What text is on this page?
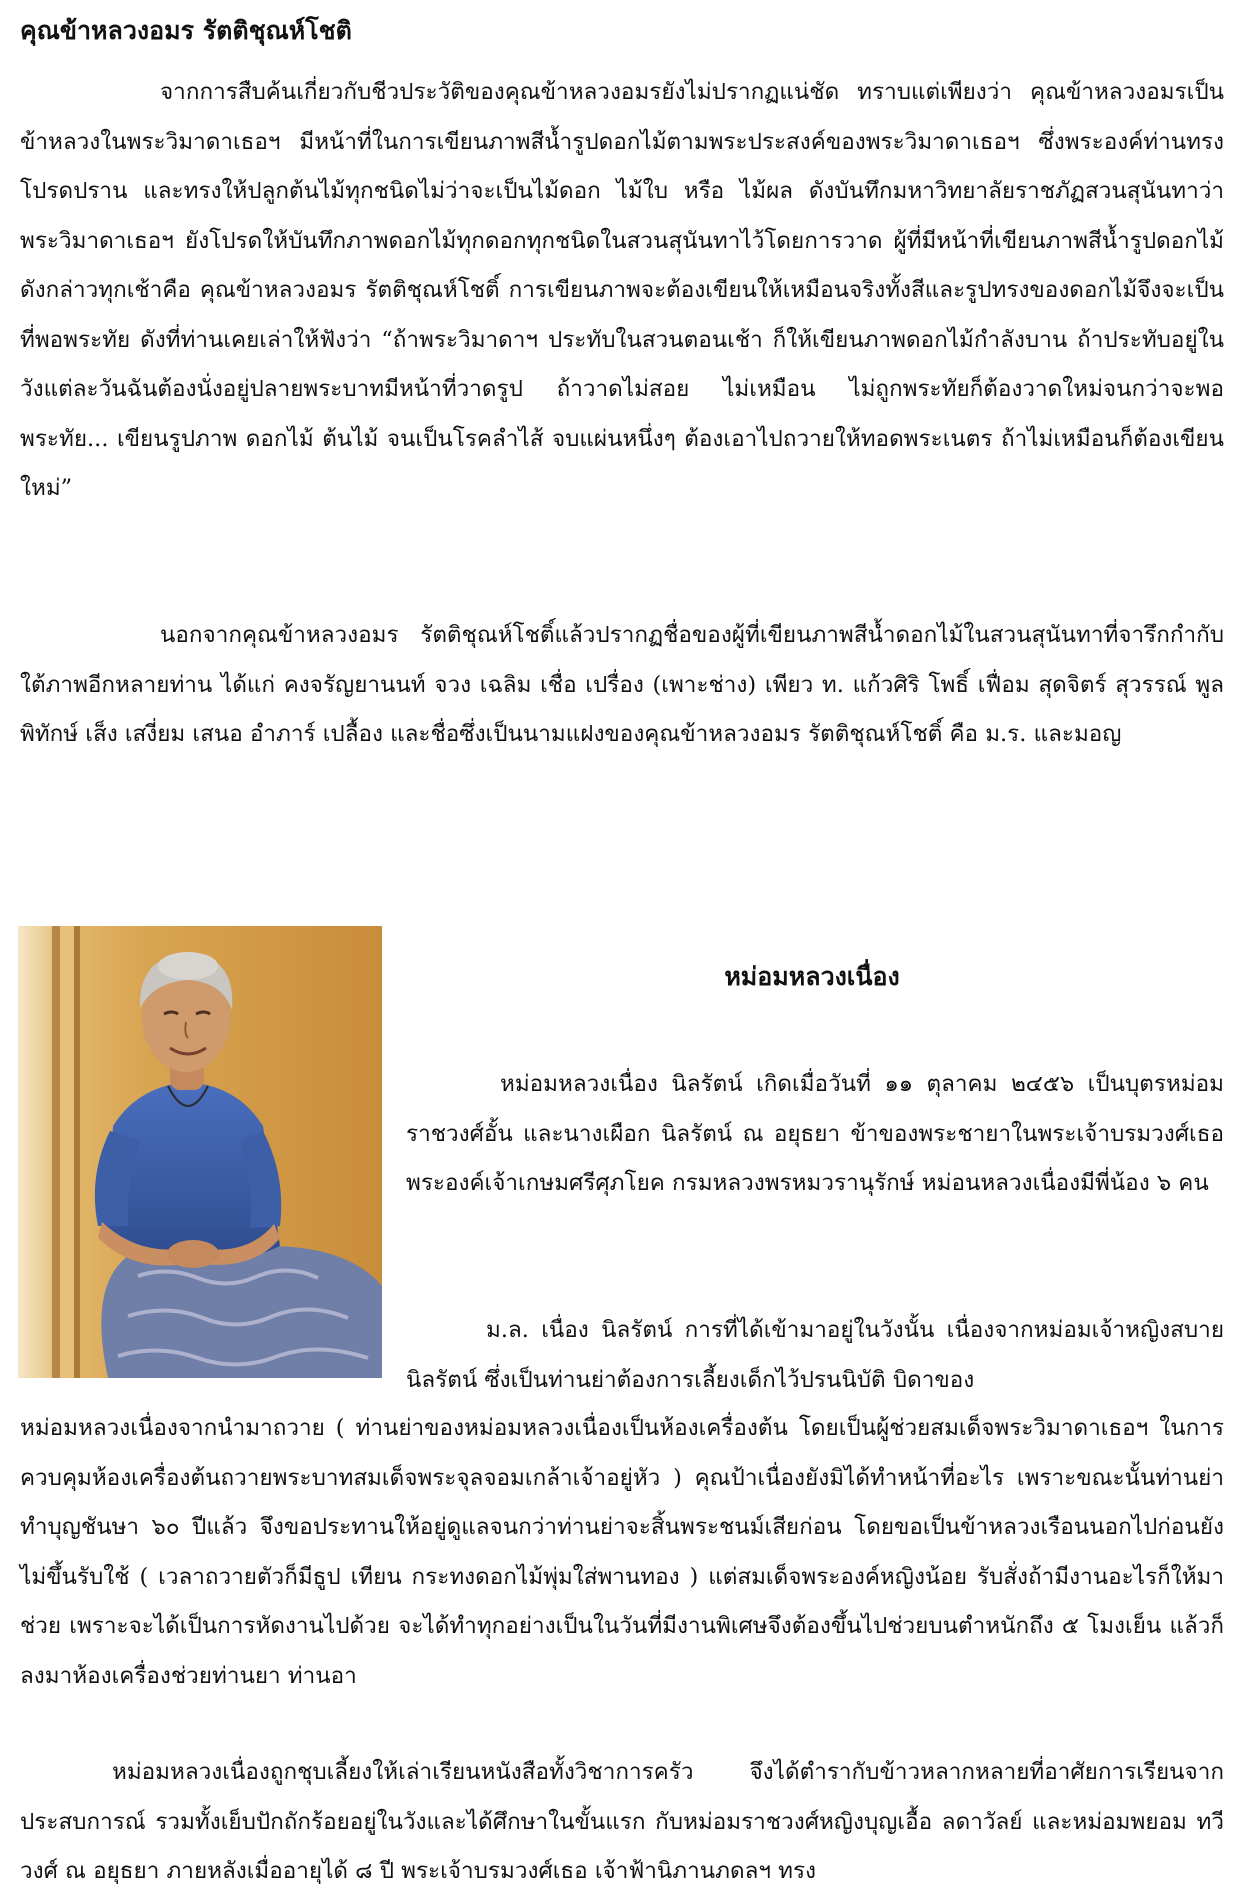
คุณข้าหลวงอมร รัตติชุณห์โชติ

จากการสืบค้นเกี่ยวกับชีวประวัติของคุณข้าหลวงอมรยังไม่ปรากฏแน่ชัด ทราบแต่เพียงว่า คุณข้าหลวงอมรเป็นข้าหลวงในพระวิมาดาเธอฯ มีหน้าที่ในการเขียนภาพสีน้ำรูปดอกไม้ตามพระประสงค์ของพระวิมาดาเธอฯ ซึ่งพระองค์ท่านทรงโปรดปราน และทรงให้ปลูกต้นไม้ทุกชนิดไม่ว่าจะเป็นไม้ดอก ไม้ใบ หรือ ไม้ผล ดังบันทึกมหาวิทยาลัยราชภัฏสวนสุนันทาว่า พระวิมาดาเธอฯ ยังโปรดให้บันทึกภาพดอกไม้ทุกดอกทุกชนิดในสวนสุนันทาไว้โดยการวาด ผู้ที่มีหน้าที่เขียนภาพสีน้ำรูปดอกไม้ดังกล่าวทุกเช้าคือ คุณข้าหลวงอมร รัตติชุณห์โชติ์ การเขียนภาพจะต้องเขียนให้เหมือนจริงทั้งสีและรูปทรงของดอกไม้จึงจะเป็นที่พอพระทัย ดังที่ท่านเคยเล่าให้ฟังว่า “ถ้าพระวิมาดาฯ ประทับในสวนตอนเช้า ก็ให้เขียนภาพดอกไม้กำลังบาน ถ้าประทับอยู่ในวังแต่ละวันฉันต้องนั่งอยู่ปลายพระบาทมีหน้าที่วาดรูป ถ้าวาดไม่สอย ไม่เหมือน ไม่ถูกพระทัยก็ต้องวาดใหม่จนกว่าจะพอพระทัย... เขียนรูปภาพ ดอกไม้ ต้นไม้ จนเป็นโรคลำไส้ จบแผ่นหนึ่งๆ ต้องเอาไปถวายให้ทอดพระเนตร ถ้าไม่เหมือนก็ต้องเขียนใหม่”

นอกจากคุณข้าหลวงอมร รัตติชุณห์โชติ์แล้วปรากฏชื่อของผู้ที่เขียนภาพสีน้ำดอกไม้ในสวนสุนันทาที่จารึกกำกับใต้ภาพอีกหลายท่าน ได้แก่ คงจรัญยานนท์ จวง เฉลิม เชื่อ เปรื่อง (เพาะช่าง) เพียว ท. แก้วศิริ โพธิ์ เฟื่อม สุดจิตร์ สุวรรณ์ พูลพิทักษ์ เส็ง เสงี่ยม เสนอ อำภาร์ เปลื้อง และชื่อซึ่งเป็นนามแฝงของคุณข้าหลวงอมร รัตติชุณห์โชติ์ คือ ม.ร. และมอญ

หม่อมหลวงเนื่อง

หม่อมหลวงเนื่อง นิลรัตน์ เกิดเมื่อวันที่ ๑๑ ตุลาคม ๒๔๕๖ เป็นบุตรหม่อมราชวงศ์อั้น และนางเผือก นิลรัตน์ ณ อยุธยา ข้าของพระชายาในพระเจ้าบรมวงศ์เธอพระองค์เจ้าเกษมศรีศุภโยค กรมหลวงพรหมวรานุรักษ์ หม่อนหลวงเนื่องมีพี่น้อง ๖ คน

ม.ล. เนื่อง นิลรัตน์ การที่ได้เข้ามาอยู่ในวังนั้น เนื่องจากหม่อมเจ้าหญิงสบาย นิลรัตน์ ซึ่งเป็นท่านย่าต้องการเลี้ยงเด็กไว้ปรนนิบัติ บิดาของ

หม่อมหลวงเนื่องจากนำมาถวาย ( ท่านย่าของหม่อมหลวงเนื่องเป็นห้องเครื่องต้น โดยเป็นผู้ช่วยสมเด็จพระวิมาดาเธอฯ ในการควบคุมห้องเครื่องต้นถวายพระบาทสมเด็จพระจุลจอมเกล้าเจ้าอยู่หัว ) คุณป้าเนื่องยังมิได้ทำหน้าที่อะไร เพราะขณะนั้นท่านย่าทำบุญชันษา ๖๐ ปีแล้ว จึงขอประทานให้อยู่ดูแลจนกว่าท่านย่าจะสิ้นพระชนม์เสียก่อน โดยขอเป็นข้าหลวงเรือนนอกไปก่อนยังไม่ขึ้นรับใช้ ( เวลาถวายตัวก็มีธูป เทียน กระทงดอกไม้พุ่มใส่พานทอง ) แต่สมเด็จพระองค์หญิงน้อย รับสั่งถ้ามีงานอะไรก็ให้มาช่วย เพราะจะได้เป็นการหัดงานไปด้วย จะได้ทำทุกอย่างเป็นในวันที่มีงานพิเศษจึงต้องขึ้นไปช่วยบนตำหนักถึง ๕ โมงเย็น แล้วก็ลงมาห้องเครื่องช่วยท่านยา ท่านอา

หม่อมหลวงเนื่องถูกชุบเลี้ยงให้เล่าเรียนหนังสือทั้งวิชาการครัว จึงได้ตำรากับข้าวหลากหลายที่อาศัยการเรียนจากประสบการณ์ รวมทั้งเย็บปักถักร้อยอยู่ในวังและได้ศึกษาในขั้นแรก กับหม่อมราชวงศ์หญิงบุญเอื้อ ลดาวัลย์ และหม่อมพยอม ทวีวงศ์ ณ อยุธยา ภายหลังเมื่ออายุได้ ๘ ปี พระเจ้าบรมวงศ์เธอ เจ้าฟ้านิภานภดลฯ ทรง
